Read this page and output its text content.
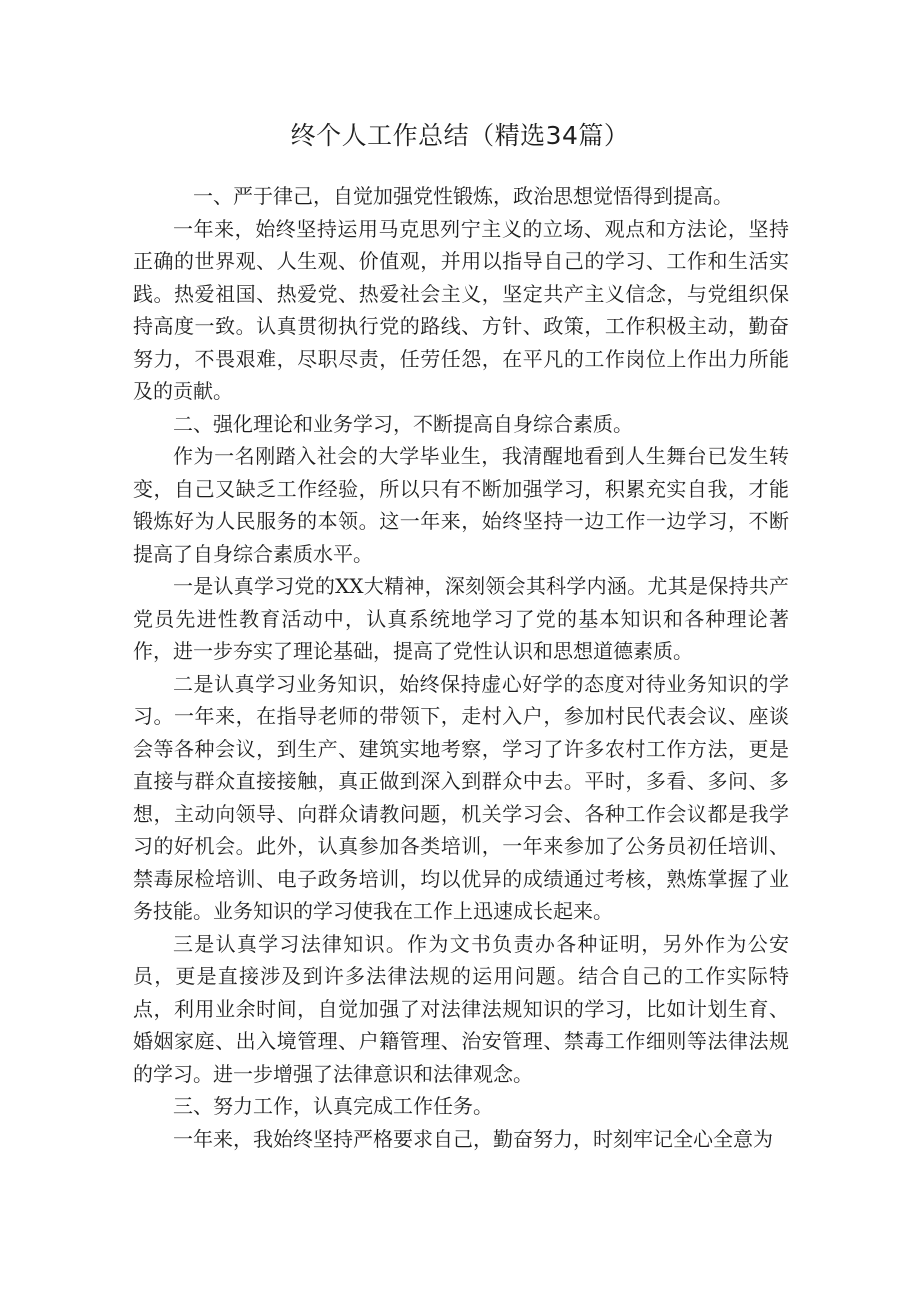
终个人工作总结（精选34篇）

一、严于律己，自觉加强党性锻炼，政治思想觉悟得到提高。

一年来，始终坚持运用马克思列宁主义的立场、观点和方法论，坚持正确的世界观、人生观、价值观，并用以指导自己的学习、工作和生活实践。热爱祖国、热爱党、热爱社会主义，坚定共产主义信念，与党组织保持高度一致。认真贯彻执行党的路线、方针、政策，工作积极主动，勤奋努力，不畏艰难，尽职尽责，任劳任怨，在平凡的工作岗位上作出力所能及的贡献。

二、强化理论和业务学习，不断提高自身综合素质。

作为一名刚踏入社会的大学毕业生，我清醒地看到人生舞台已发生转变，自己又缺乏工作经验，所以只有不断加强学习，积累充实自我，才能锻炼好为人民服务的本领。这一年来，始终坚持一边工作一边学习，不断提高了自身综合素质水平。

一是认真学习党的XX大精神，深刻领会其科学内涵。尤其是保持共产党员先进性教育活动中，认真系统地学习了党的基本知识和各种理论著作，进一步夯实了理论基础，提高了党性认识和思想道德素质。

二是认真学习业务知识，始终保持虚心好学的态度对待业务知识的学习。一年来，在指导老师的带领下，走村入户，参加村民代表会议、座谈会等各种会议，到生产、建筑实地考察，学习了许多农村工作方法，更是直接与群众直接接触，真正做到深入到群众中去。平时，多看、多问、多想，主动向领导、向群众请教问题，机关学习会、各种工作会议都是我学习的好机会。此外，认真参加各类培训，一年来参加了公务员初任培训、禁毒尿检培训、电子政务培训，均以优异的成绩通过考核，熟炼掌握了业务技能。业务知识的学习使我在工作上迅速成长起来。

三是认真学习法律知识。作为文书负责办各种证明，另外作为公安员，更是直接涉及到许多法律法规的运用问题。结合自己的工作实际特点，利用业余时间，自觉加强了对法律法规知识的学习，比如计划生育、婚姻家庭、出入境管理、户籍管理、治安管理、禁毒工作细则等法律法规的学习。进一步增强了法律意识和法律观念。

三、努力工作，认真完成工作任务。

一年来，我始终坚持严格要求自己，勤奋努力，时刻牢记全心全意为
